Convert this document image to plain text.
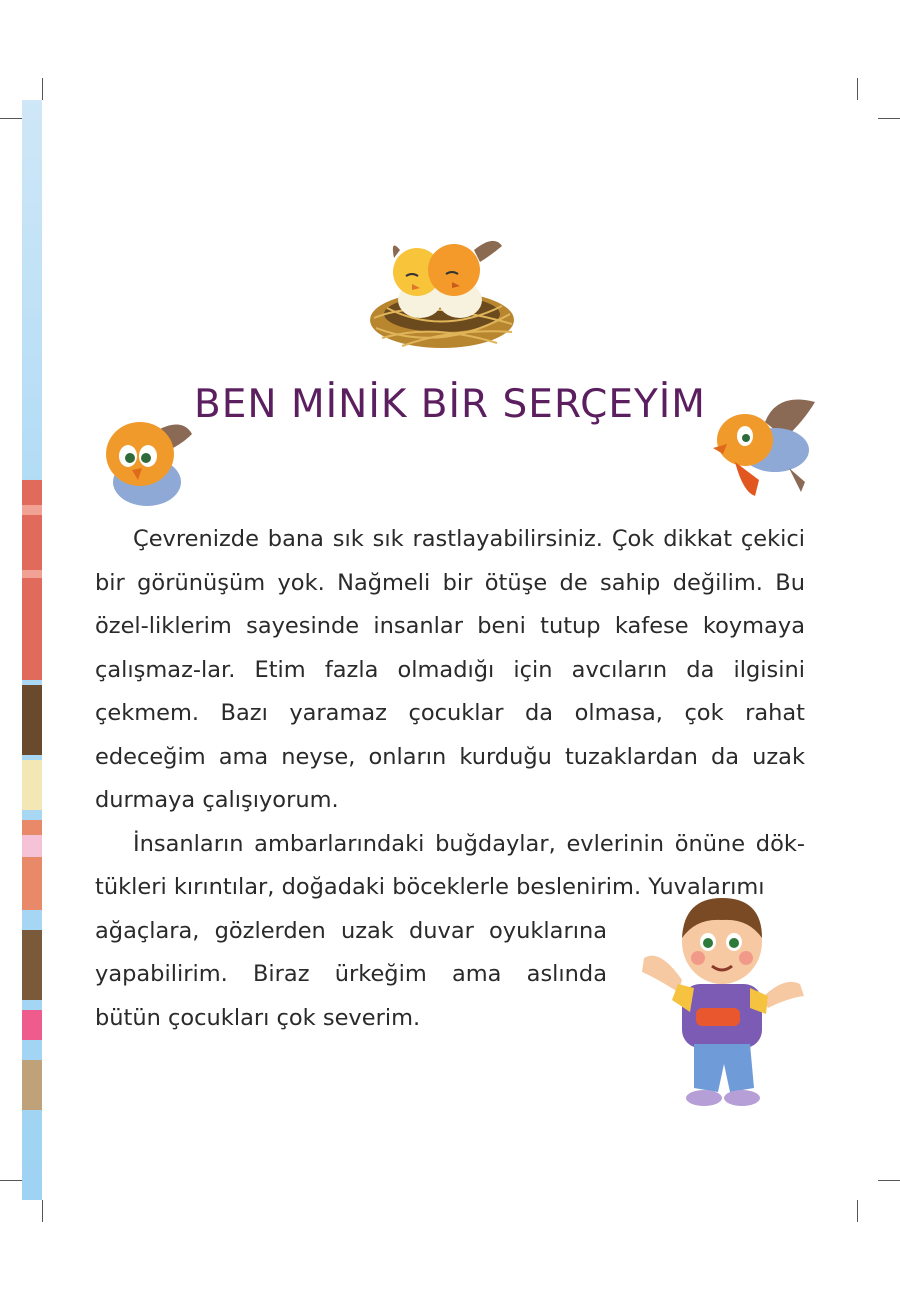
BEN MİNİK BİR SERÇEYİM

Çevrenizde bana sık sık rastlayabilirsiniz. Çok dikkat çekici bir görünüşüm yok. Nağmeli bir ötüşe de sahip değilim. Bu özel-liklerim sayesinde insanlar beni tutup kafese koymaya çalışmaz-lar. Etim fazla olmadığı için avcıların da ilgisini çekmem. Bazı yaramaz çocuklar da olmasa, çok rahat edeceğim ama neyse, onların kurduğu tuzaklardan da uzak durmaya çalışıyorum.

İnsanların ambarlarındaki buğdaylar, evlerinin önüne dök-tükleri kırıntılar, doğadaki böceklerle beslenirim. Yuvalarımı

ağaçlara, gözlerden uzak duvar oyuklarına yapabilirim. Biraz ürkeğim ama aslında bütün çocukları çok severim.
